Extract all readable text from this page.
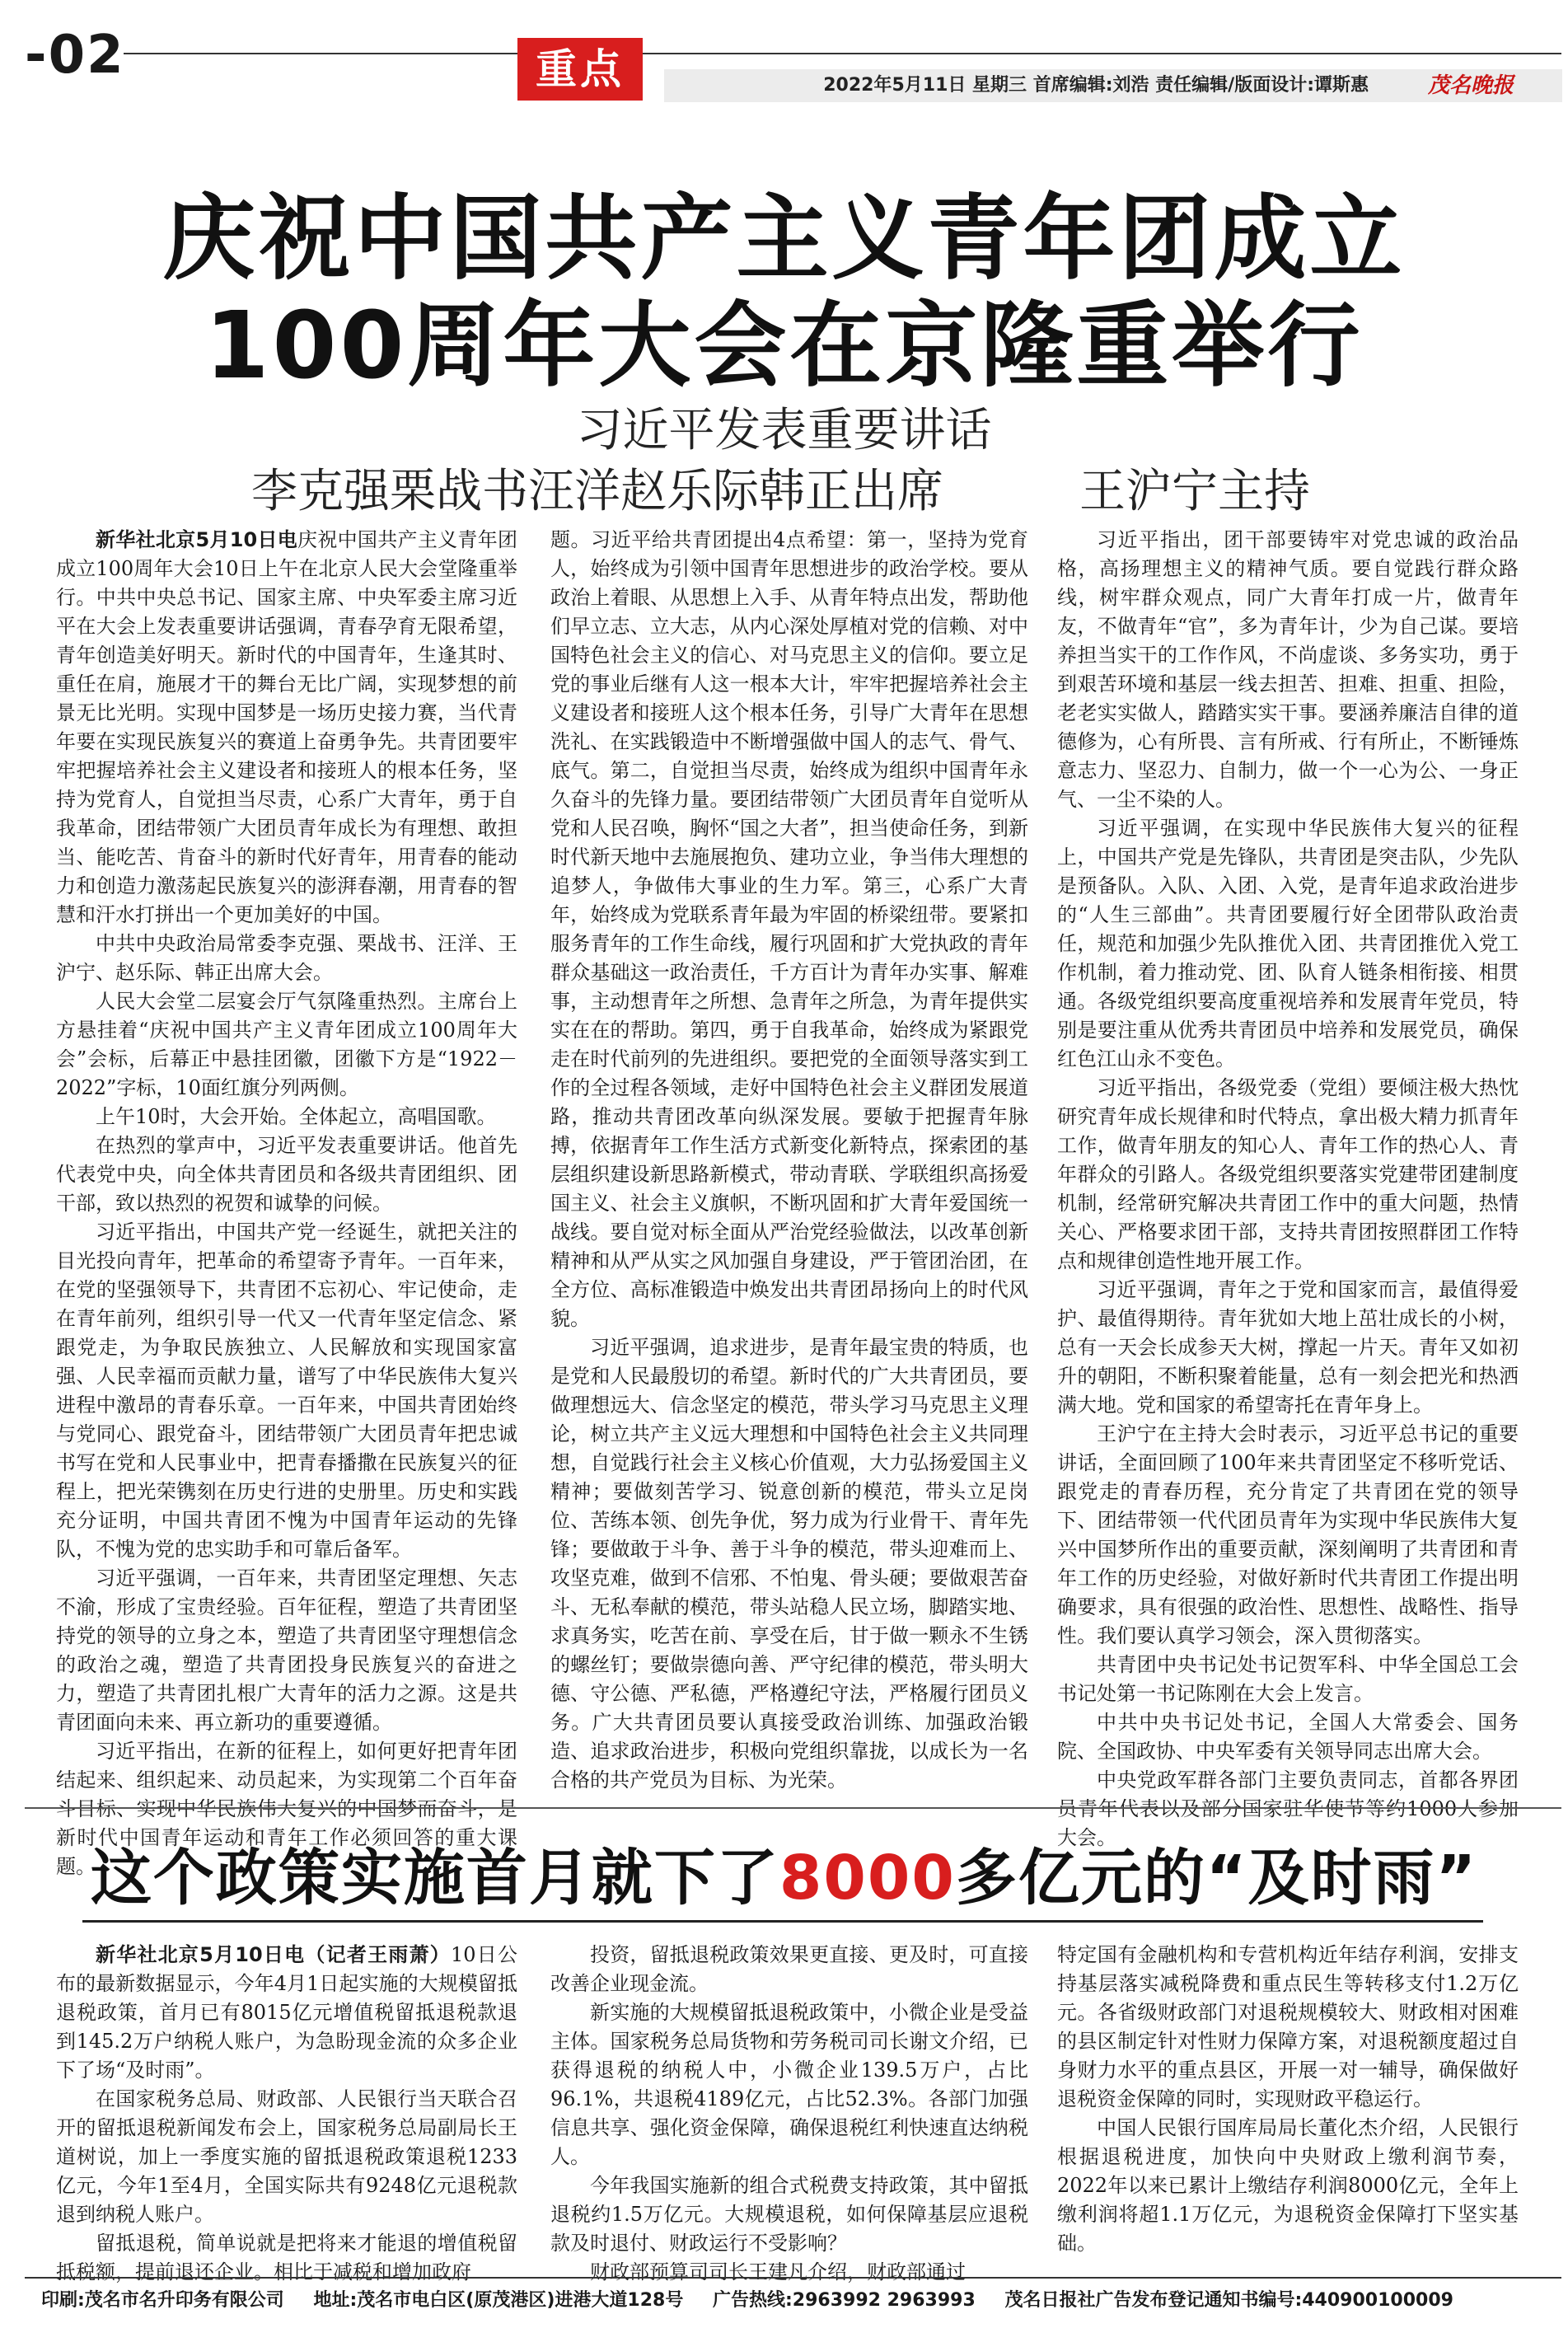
-02	重点	2022年5月11日 星期三 首席编辑:刘浩 责任编辑/版面设计:谭斯惠	茂名晚报
庆祝中国共产主义青年团成立
100周年大会在京隆重举行
习近平发表重要讲话
李克强栗战书汪洋赵乐际韩正出席	王沪宁主持

新华社北京5月10日电庆祝中国共产主义青年团成立100周年大会10日上午在北京人民大会堂隆重举行。中共中央总书记、国家主席、中央军委主席习近平在大会上发表重要讲话强调，青春孕育无限希望，青年创造美好明天。新时代的中国青年，生逢其时、重任在肩，施展才干的舞台无比广阔，实现梦想的前景无比光明。实现中国梦是一场历史接力赛，当代青年要在实现民族复兴的赛道上奋勇争先。共青团要牢牢把握培养社会主义建设者和接班人的根本任务，坚持为党育人，自觉担当尽责，心系广大青年，勇于自我革命，团结带领广大团员青年成长为有理想、敢担当、能吃苦、肯奋斗的新时代好青年，用青春的能动力和创造力激荡起民族复兴的澎湃春潮，用青春的智慧和汗水打拼出一个更加美好的中国。

中共中央政治局常委李克强、栗战书、汪洋、王沪宁、赵乐际、韩正出席大会。

人民大会堂二层宴会厅气氛隆重热烈。主席台上方悬挂着“庆祝中国共产主义青年团成立100周年大会”会标，后幕正中悬挂团徽，团徽下方是“1922－2022”字标，10面红旗分列两侧。

上午10时，大会开始。全体起立，高唱国歌。

在热烈的掌声中，习近平发表重要讲话。他首先代表党中央，向全体共青团员和各级共青团组织、团干部，致以热烈的祝贺和诚挚的问候。

习近平指出，中国共产党一经诞生，就把关注的目光投向青年，把革命的希望寄予青年。一百年来，在党的坚强领导下，共青团不忘初心、牢记使命，走在青年前列，组织引导一代又一代青年坚定信念、紧跟党走，为争取民族独立、人民解放和实现国家富强、人民幸福而贡献力量，谱写了中华民族伟大复兴进程中激昂的青春乐章。一百年来，中国共青团始终与党同心、跟党奋斗，团结带领广大团员青年把忠诚书写在党和人民事业中，把青春播撒在民族复兴的征程上，把光荣镌刻在历史行进的史册里。历史和实践充分证明，中国共青团不愧为中国青年运动的先锋队，不愧为党的忠实助手和可靠后备军。

习近平强调，一百年来，共青团坚定理想、矢志不渝，形成了宝贵经验。百年征程，塑造了共青团坚持党的领导的立身之本，塑造了共青团坚守理想信念的政治之魂，塑造了共青团投身民族复兴的奋进之力，塑造了共青团扎根广大青年的活力之源。这是共青团面向未来、再立新功的重要遵循。

习近平指出，在新的征程上，如何更好把青年团结起来、组织起来、动员起来，为实现第二个百年奋斗目标、实现中华民族伟大复兴的中国梦而奋斗，是新时代中国青年运动和青年工作必须回答的重大课题。

题。习近平给共青团提出4点希望：第一，坚持为党育人，始终成为引领中国青年思想进步的政治学校。要从政治上着眼、从思想上入手、从青年特点出发，帮助他们早立志、立大志，从内心深处厚植对党的信赖、对中国特色社会主义的信心、对马克思主义的信仰。要立足党的事业后继有人这一根本大计，牢牢把握培养社会主义建设者和接班人这个根本任务，引导广大青年在思想洗礼、在实践锻造中不断增强做中国人的志气、骨气、底气。第二，自觉担当尽责，始终成为组织中国青年永久奋斗的先锋力量。要团结带领广大团员青年自觉听从党和人民召唤，胸怀“国之大者”，担当使命任务，到新时代新天地中去施展抱负、建功立业，争当伟大理想的追梦人，争做伟大事业的生力军。第三，心系广大青年，始终成为党联系青年最为牢固的桥梁纽带。要紧扣服务青年的工作生命线，履行巩固和扩大党执政的青年群众基础这一政治责任，千方百计为青年办实事、解难事，主动想青年之所想、急青年之所急，为青年提供实实在在的帮助。第四，勇于自我革命，始终成为紧跟党走在时代前列的先进组织。要把党的全面领导落实到工作的全过程各领域，走好中国特色社会主义群团发展道路，推动共青团改革向纵深发展。要敏于把握青年脉搏，依据青年工作生活方式新变化新特点，探索团的基层组织建设新思路新模式，带动青联、学联组织高扬爱国主义、社会主义旗帜，不断巩固和扩大青年爱国统一战线。要自觉对标全面从严治党经验做法，以改革创新精神和从严从实之风加强自身建设，严于管团治团，在全方位、高标准锻造中焕发出共青团昂扬向上的时代风貌。

习近平强调，追求进步，是青年最宝贵的特质，也是党和人民最殷切的希望。新时代的广大共青团员，要做理想远大、信念坚定的模范，带头学习马克思主义理论，树立共产主义远大理想和中国特色社会主义共同理想，自觉践行社会主义核心价值观，大力弘扬爱国主义精神；要做刻苦学习、锐意创新的模范，带头立足岗位、苦练本领、创先争优，努力成为行业骨干、青年先锋；要做敢于斗争、善于斗争的模范，带头迎难而上、攻坚克难，做到不信邪、不怕鬼、骨头硬；要做艰苦奋斗、无私奉献的模范，带头站稳人民立场，脚踏实地、求真务实，吃苦在前、享受在后，甘于做一颗永不生锈的螺丝钉；要做崇德向善、严守纪律的模范，带头明大德、守公德、严私德，严格遵纪守法，严格履行团员义务。广大共青团员要认真接受政治训练、加强政治锻造、追求政治进步，积极向党组织靠拢，以成长为一名合格的共产党员为目标、为光荣。

习近平指出，团干部要铸牢对党忠诚的政治品格，高扬理想主义的精神气质。要自觉践行群众路线，树牢群众观点，同广大青年打成一片，做青年友，不做青年“官”，多为青年计，少为自己谋。要培养担当实干的工作作风，不尚虚谈、多务实功，勇于到艰苦环境和基层一线去担苦、担难、担重、担险，老老实实做人，踏踏实实干事。要涵养廉洁自律的道德修为，心有所畏、言有所戒、行有所止，不断锤炼意志力、坚忍力、自制力，做一个一心为公、一身正气、一尘不染的人。

习近平强调，在实现中华民族伟大复兴的征程上，中国共产党是先锋队，共青团是突击队，少先队是预备队。入队、入团、入党，是青年追求政治进步的“人生三部曲”。共青团要履行好全团带队政治责任，规范和加强少先队推优入团、共青团推优入党工作机制，着力推动党、团、队育人链条相衔接、相贯通。各级党组织要高度重视培养和发展青年党员，特别是要注重从优秀共青团员中培养和发展党员，确保红色江山永不变色。

习近平指出，各级党委（党组）要倾注极大热忱研究青年成长规律和时代特点，拿出极大精力抓青年工作，做青年朋友的知心人、青年工作的热心人、青年群众的引路人。各级党组织要落实党建带团建制度机制，经常研究解决共青团工作中的重大问题，热情关心、严格要求团干部，支持共青团按照群团工作特点和规律创造性地开展工作。

习近平强调，青年之于党和国家而言，最值得爱护、最值得期待。青年犹如大地上茁壮成长的小树，总有一天会长成参天大树，撑起一片天。青年又如初升的朝阳，不断积聚着能量，总有一刻会把光和热洒满大地。党和国家的希望寄托在青年身上。

王沪宁在主持大会时表示，习近平总书记的重要讲话，全面回顾了100年来共青团坚定不移听党话、跟党走的青春历程，充分肯定了共青团在党的领导下、团结带领一代代团员青年为实现中华民族伟大复兴中国梦所作出的重要贡献，深刻阐明了共青团和青年工作的历史经验，对做好新时代共青团工作提出明确要求，具有很强的政治性、思想性、战略性、指导性。我们要认真学习领会，深入贯彻落实。

共青团中央书记处书记贺军科、中华全国总工会书记处第一书记陈刚在大会上发言。

中共中央书记处书记，全国人大常委会、国务院、全国政协、中央军委有关领导同志出席大会。

中央党政军群各部门主要负责同志，首都各界团员青年代表以及部分国家驻华使节等约1000人参加大会。

这个政策实施首月就下了8000多亿元的“及时雨”

新华社北京5月10日电（记者王雨萧）10日公布的最新数据显示，今年4月1日起实施的大规模留抵退税政策，首月已有8015亿元增值税留抵退税款退到145.2万户纳税人账户，为急盼现金流的众多企业下了场“及时雨”。

在国家税务总局、财政部、人民银行当天联合召开的留抵退税新闻发布会上，国家税务总局副局长王道树说，加上一季度实施的留抵退税政策退税1233亿元，今年1至4月，全国实际共有9248亿元退税款退到纳税人账户。

留抵退税，简单说就是把将来才能退的增值税留抵税额，提前退还企业。相比于减税和增加政府

投资，留抵退税政策效果更直接、更及时，可直接改善企业现金流。

新实施的大规模留抵退税政策中，小微企业是受益主体。国家税务总局货物和劳务税司司长谢文介绍，已获得退税的纳税人中，小微企业139.5万户，占比96.1%，共退税4189亿元，占比52.3%。各部门加强信息共享、强化资金保障，确保退税红利快速直达纳税人。

今年我国实施新的组合式税费支持政策，其中留抵退税约1.5万亿元。大规模退税，如何保障基层应退税款及时退付、财政运行不受影响？

财政部预算司司长王建凡介绍，财政部通过

特定国有金融机构和专营机构近年结存利润，安排支持基层落实减税降费和重点民生等转移支付1.2万亿元。各省级财政部门对退税规模较大、财政相对困难的县区制定针对性财力保障方案，对退税额度超过自身财力水平的重点县区，开展一对一辅导，确保做好退税资金保障的同时，实现财政平稳运行。

中国人民银行国库局局长董化杰介绍，人民银行根据退税进度，加快向中央财政上缴利润节奏，2022年以来已累计上缴结存利润8000亿元，全年上缴利润将超1.1万亿元，为退税资金保障打下坚实基础。

印刷:茂名市名升印务有限公司 地址:茂名市电白区(原茂港区)进港大道128号 广告热线:2963992 2963993 茂名日报社广告发布登记通知书编号:440900100009
